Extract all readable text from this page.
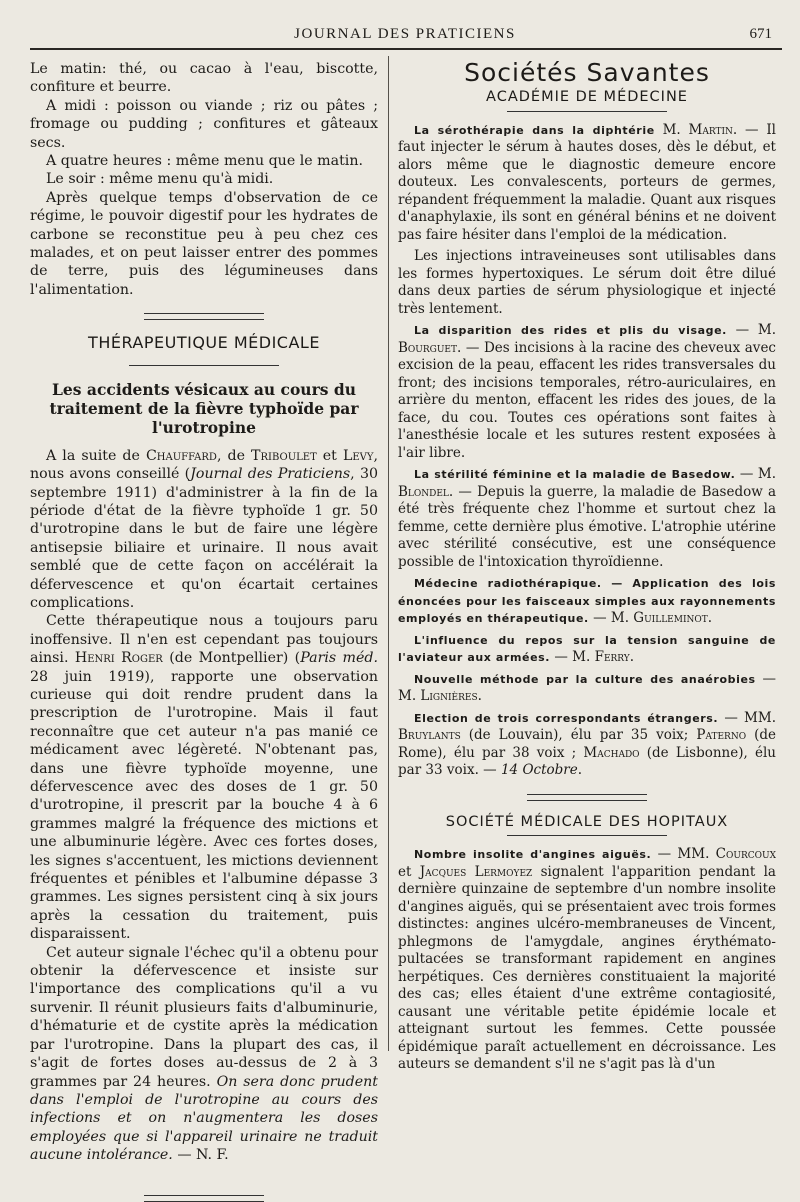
JOURNAL DES PRATICIENS	671

Le matin: thé, ou cacao à l'eau, biscotte, confiture et beurre.

A midi : poisson ou viande ; riz ou pâtes ; fromage ou pudding ; confitures et gâteaux secs.

A quatre heures : même menu que le matin.

Le soir : même menu qu'à midi.

Après quelque temps d'observation de ce régime, le pouvoir digestif pour les hydrates de carbone se reconstitue peu à peu chez ces malades, et on peut laisser entrer des pommes de terre, puis des légumineuses dans l'alimentation.

THÉRAPEUTIQUE MÉDICALE
Les accidents vésicaux au cours du traitement de la fièvre typhoïde par l'urotropine

A la suite de Chauffard, de Triboulet et Levy, nous avons conseillé (Journal des Praticiens, 30 septembre 1911) d'administrer à la fin de la période d'état de la fièvre typhoïde 1 gr. 50 d'urotropine dans le but de faire une légère antisepsie biliaire et urinaire. Il nous avait semblé que de cette façon on accélérait la défervescence et qu'on écartait certaines complications.

Cette thérapeutique nous a toujours paru inoffensive. Il n'en est cependant pas toujours ainsi. Henri Roger (de Montpellier) (Paris méd. 28 juin 1919), rapporte une observation curieuse qui doit rendre prudent dans la prescription de l'urotropine. Mais il faut reconnaître que cet auteur n'a pas manié ce médicament avec légèreté. N'obtenant pas, dans une fièvre typhoïde moyenne, une défervescence avec des doses de 1 gr. 50 d'urotropine, il prescrit par la bouche 4 à 6 grammes malgré la fréquence des mictions et une albuminurie légère. Avec ces fortes doses, les signes s'accentuent, les mictions deviennent fréquentes et pénibles et l'albumine dépasse 3 grammes. Les signes persistent cinq à six jours après la cessation du traitement, puis disparaissent.

Cet auteur signale l'échec qu'il a obtenu pour obtenir la défervescence et insiste sur l'importance des complications qu'il a vu survenir. Il réunit plusieurs faits d'albuminurie, d'hématurie et de cystite après la médication par l'urotropine. Dans la plupart des cas, il s'agit de fortes doses au-dessus de 2 à 3 grammes par 24 heures. On sera donc prudent dans l'emploi de l'urotropine au cours des infections et on n'augmentera les doses employées que si l'appareil urinaire ne traduit aucune intolérance. — N. F.

Sociétés Savantes
ACADÉMIE DE MÉDECINE

La sérothérapie dans la diphtérie M. Martin. — Il faut injecter le sérum à hautes doses, dès le début, et alors même que le diagnostic demeure encore douteux. Les convalescents, porteurs de germes, répandent fréquemment la maladie. Quant aux risques d'anaphylaxie, ils sont en général bénins et ne doivent pas faire hésiter dans l'emploi de la médication.

Les injections intraveineuses sont utilisables dans les formes hypertoxiques. Le sérum doit être dilué dans deux parties de sérum physiologique et injecté très lentement.

La disparition des rides et plis du visage. — M. Bourguet. — Des incisions à la racine des cheveux avec excision de la peau, effacent les rides transversales du front; des incisions temporales, rétro-auriculaires, en arrière du menton, effacent les rides des joues, de la face, du cou. Toutes ces opérations sont faites à l'anesthésie locale et les sutures restent exposées à l'air libre.

La stérilité féminine et la maladie de Basedow. — M. Blondel. — Depuis la guerre, la maladie de Basedow a été très fréquente chez l'homme et surtout chez la femme, cette dernière plus émotive. L'atrophie utérine avec stérilité consécutive, est une conséquence possible de l'intoxication thyroïdienne.

Médecine radiothérapique. — Application des lois énoncées pour les faisceaux simples aux rayonnements employés en thérapeutique. — M. Guilleminot.

L'influence du repos sur la tension sanguine de l'aviateur aux armées. — M. Ferry.

Nouvelle méthode par la culture des anaérobies — M. Lignières.

Election de trois correspondants étrangers. — MM. Bruylants (de Louvain), élu par 35 voix; Paterno (de Rome), élu par 38 voix ; Machado (de Lisbonne), élu par 33 voix. — 14 Octobre.

SOCIÉTÉ MÉDICALE DES HOPITAUX

Nombre insolite d'angines aiguës. — MM. Courcoux et Jacques Lermoyez signalent l'apparition pendant la dernière quinzaine de septembre d'un nombre insolite d'angines aiguës, qui se présentaient avec trois formes distinctes: angines ulcéro-membraneuses de Vincent, phlegmons de l'amygdale, angines érythémato-pultacées se transformant rapidement en angines herpétiques. Ces dernières constituaient la majorité des cas; elles étaient d'une extrême contagiosité, causant une véritable petite épidémie locale et atteignant surtout les femmes. Cette poussée épidémique paraît actuellement en décroissance. Les auteurs se demandent s'il ne s'agit pas là d'un
